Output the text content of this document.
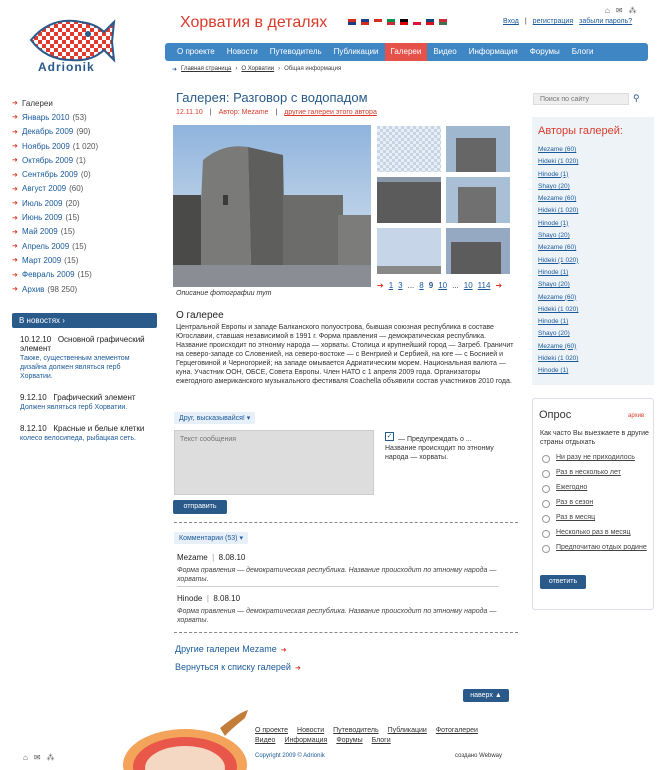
Adrionik
Хорватия в деталях	Вход | регистрация забыли пароль?
⌂ ✉ ⁂
О проекте	Новости	Путеводитель	Публикации	Галереи	Видео	Информация	Форумы	Блоги
➜ Главная страница › О Хорватии › Общая информация
➜ Галереи
➜ Январь 2010 (53)
➜ Декабрь 2009 (90)
➜ Ноябрь 2009 (1 020)
➜ Октябрь 2009 (1)
➜ Сентябрь 2009 (0)
➜ Август 2009 (60)
➜ Июль 2009 (20)
➜ Июнь 2009 (15)
➜ Май 2009 (15)
➜ Апрель 2009 (15)
➜ Март 2009 (15)
➜ Февраль 2009 (15)
➜ Архив (98 250)
В новостях ›
10.12.10 Основной графический элемент
Также, существенным элементом дизайна должен являться герб Хорватии.
9.12.10 Графический элемент
Должен являться герб Хорватии.
8.12.10 Красные и белые клетки
колесо велосипеда, рыбацкая сеть.
Галерея: Разговор с водопадом
12.11.10 | Автор: Mezame | другие галереи этого автора
Описание фотографии тут
➜ 1 3 ... 8 9 10 ... 10 114 ➜
О галерее
Центральной Европы и западе Балканского полуострова, бывшая союзная республика в составе Югославии, ставшая независимой в 1991 г. Форма правления — демократическая республика. Название происходит по этнонму народа — хорваты. Столица и крупнейший город — Загреб. Граничит на северо-западе со Словенией, на северо-востоке — с Венгрией и Сербией, на юге — с Боснией и Герцеговиной и Черногорией; на западе омывается Адриатическим морем. Национальная валюта — куна. Участник ООН, ОБСЕ, Совета Европы. Член НАТО с 1 апреля 2009 года. Организаторы ежегодного американского музыкального фестиваля Coachella объявили состав участников 2010 года.
Друг, высказывайся! ▾
Текст сообщения
— Предупреждать о ... Название происходит по этнонму народа — хорваты.
✓
отправить
Комментарии (53) ▾
Mezame | 8.08.10
Форма правления — демократическая республика. Название происходит по этнонму народа — хорваты.
Hinode | 8.08.10
Форма правления — демократическая республика. Название происходит по этнонму народа — хорваты.
Другие галереи Mezame ➜
Вернуться к списку галерей ➜
наверх ▲
Поиск по сайту
⚲
Авторы галерей:
Mezame (60)
Hideki (1 020)
Hinode (1)
Shayo (20)
Mezame (60)
Hideki (1 020)
Hinode (1)
Shayo (20)
Mezame (60)
Hideki (1 020)
Hinode (1)
Shayo (20)
Mezame (60)
Hideki (1 020)
Hinode (1)
Shayo (20)
Mezame (60)
Hideki (1 020)
Hinode (1)
Опрос	архив
Как часто Вы выезжаете в другие страны отдыхать
Ни разу не приходилось
Раз в несколько лет
Ежегодно
Раз в сезон
Раз в месяц
Несколько раз в месяц
Предпочитаю отдых родине
ответить
О проекте Новости Путеводитель Публикации Фотогалереи
Видео Информация Форумы Блоги
Copyright 2009 © Adrionik	создано Webway
⌂ ✉ ⁂
